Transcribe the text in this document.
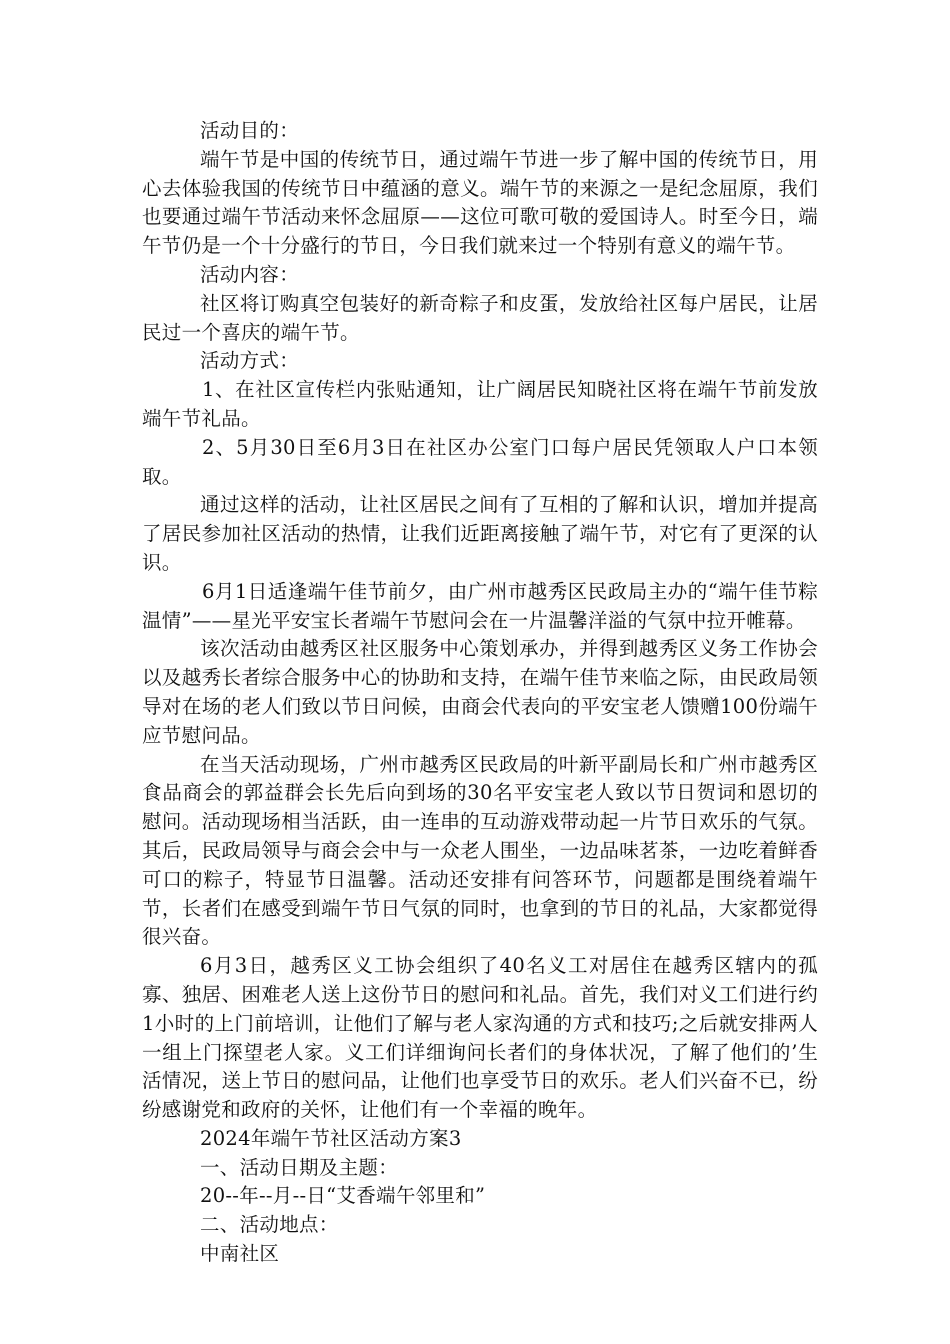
活动目的：

端午节是中国的传统节日，通过端午节进一步了解中国的传统节日，用心去体验我国的传统节日中蕴涵的意义。端午节的来源之一是纪念屈原，我们也要通过端午节活动来怀念屈原——这位可歌可敬的爱国诗人。时至今日，端午节仍是一个十分盛行的节日，今日我们就来过一个特别有意义的端午节。

活动内容：

社区将订购真空包装好的新奇粽子和皮蛋，发放给社区每户居民，让居民过一个喜庆的端午节。

活动方式：

1、在社区宣传栏内张贴通知，让广阔居民知晓社区将在端午节前发放端午节礼品。

2、5月30日至6月3日在社区办公室门口每户居民凭领取人户口本领取。

通过这样的活动，让社区居民之间有了互相的了解和认识，增加并提高了居民参加社区活动的热情，让我们近距离接触了端午节，对它有了更深的认识。

6月1日适逢端午佳节前夕，由广州市越秀区民政局主办的“端午佳节粽温情”——星光平安宝长者端午节慰问会在一片温馨洋溢的气氛中拉开帷幕。

该次活动由越秀区社区服务中心策划承办，并得到越秀区义务工作协会以及越秀长者综合服务中心的协助和支持，在端午佳节来临之际，由民政局领导对在场的老人们致以节日问候，由商会代表向的平安宝老人馈赠100份端午应节慰问品。

在当天活动现场，广州市越秀区民政局的叶新平副局长和广州市越秀区食品商会的郭益群会长先后向到场的30名平安宝老人致以节日贺词和恩切的慰问。活动现场相当活跃，由一连串的互动游戏带动起一片节日欢乐的气氛。其后，民政局领导与商会会中与一众老人围坐，一边品味茗茶，一边吃着鲜香可口的粽子，特显节日温馨。活动还安排有问答环节，问题都是围绕着端午节，长者们在感受到端午节日气氛的同时，也拿到的节日的礼品，大家都觉得很兴奋。

6月3日，越秀区义工协会组织了40名义工对居住在越秀区辖内的孤寡、独居、困难老人送上这份节日的慰问和礼品。首先，我们对义工们进行约1小时的上门前培训，让他们了解与老人家沟通的方式和技巧;之后就安排两人一组上门探望老人家。义工们详细询问长者们的身体状况，了解了他们的’生活情况，送上节日的慰问品，让他们也享受节日的欢乐。老人们兴奋不已，纷纷感谢党和政府的关怀，让他们有一个幸福的晚年。

2024年端午节社区活动方案3

一、活动日期及主题：

20--年--月--日“艾香端午邻里和”

二、活动地点：

中南社区
